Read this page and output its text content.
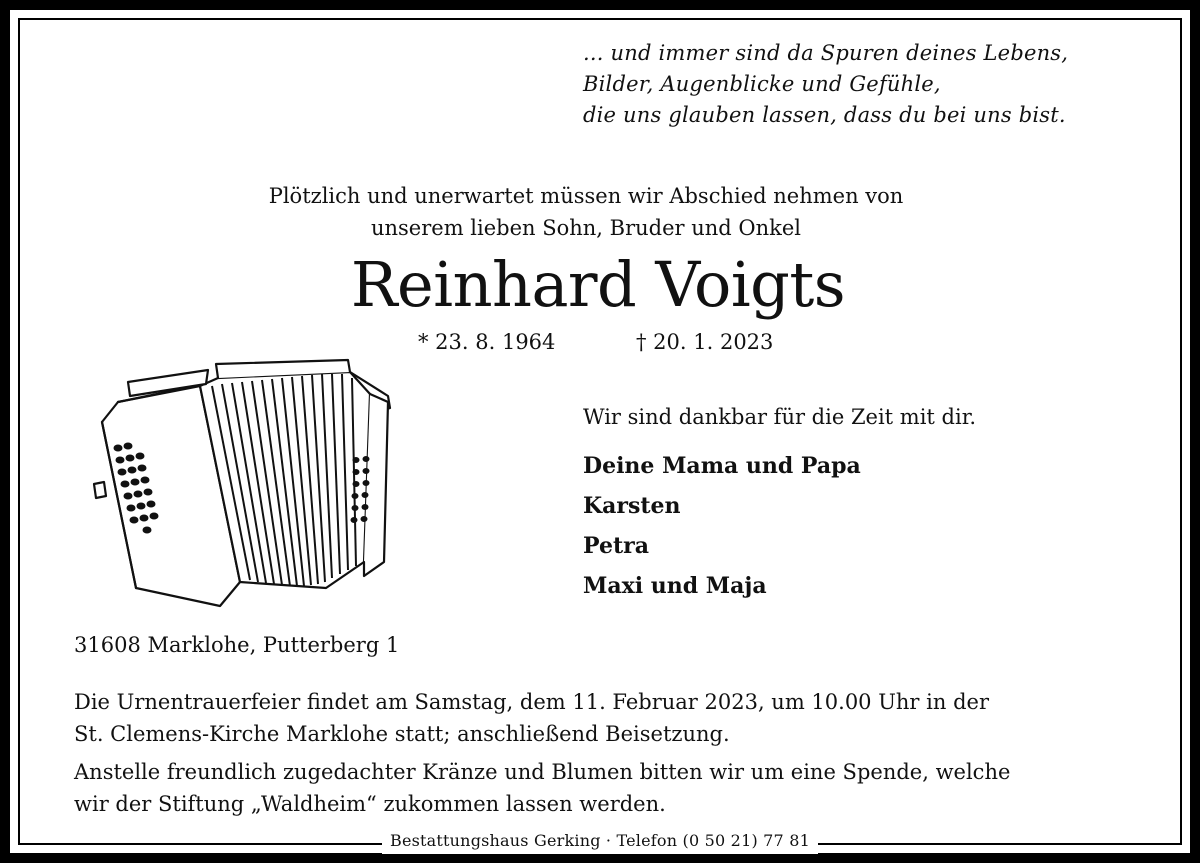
... und immer sind da Spuren deines Lebens,
Bilder, Augenblicke und Gefühle,
die uns glauben lassen, dass du bei uns bist.
Plötzlich und unerwartet müssen wir Abschied nehmen von
unserem lieben Sohn, Bruder und Onkel
Reinhard Voigts
* 23. 8. 1964	† 20. 1. 2023
Wir sind dankbar für die Zeit mit dir.
Deine Mama und Papa
Karsten
Petra
Maxi und Maja
31608 Marklohe, Putterberg 1
Die Urnentrauerfeier findet am Samstag, dem 11. Februar 2023, um 10.00 Uhr in der
St. Clemens-Kirche Marklohe statt; anschließend Beisetzung.
Anstelle freundlich zugedachter Kränze und Blumen bitten wir um eine Spende, welche
wir der Stiftung „Waldheim“ zukommen lassen werden.
Bestattungshaus Gerking · Telefon (0 50 21) 77 81
